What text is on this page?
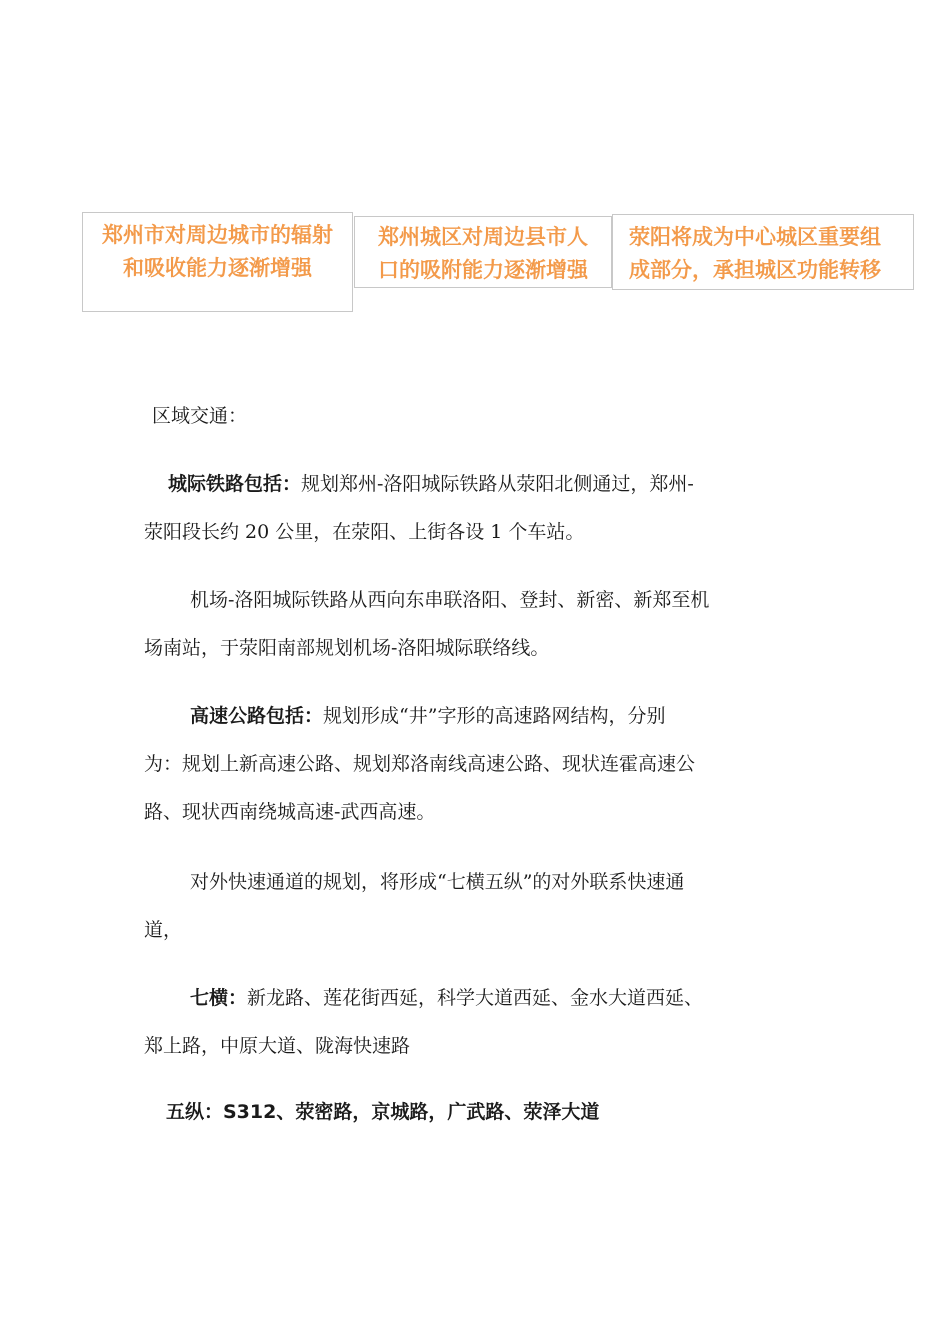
郑州市对周边城市的辐射
和吸收能力逐渐增强
郑州城区对周边县市人
口的吸附能力逐渐增强
荥阳将成为中心城区重要组
成部分，承担城区功能转移

区域交通：

城际铁路包括：规划郑州-洛阳城际铁路从荥阳北侧通过，郑州-
荥阳段长约 20 公里，在荥阳、上街各设 1 个车站。

机场-洛阳城际铁路从西向东串联洛阳、登封、新密、新郑至机
场南站，于荥阳南部规划机场-洛阳城际联络线。

高速公路包括：规划形成“井”字形的高速路网结构，分别
为：规划上新高速公路、规划郑洛南线高速公路、现状连霍高速公
路、现状西南绕城高速-武西高速。

对外快速通道的规划，将形成“七横五纵”的对外联系快速通
道，

七横：新龙路、莲花街西延，科学大道西延、金水大道西延、
郑上路，中原大道、陇海快速路

五纵：S312、荥密路，京城路，广武路、荥泽大道
